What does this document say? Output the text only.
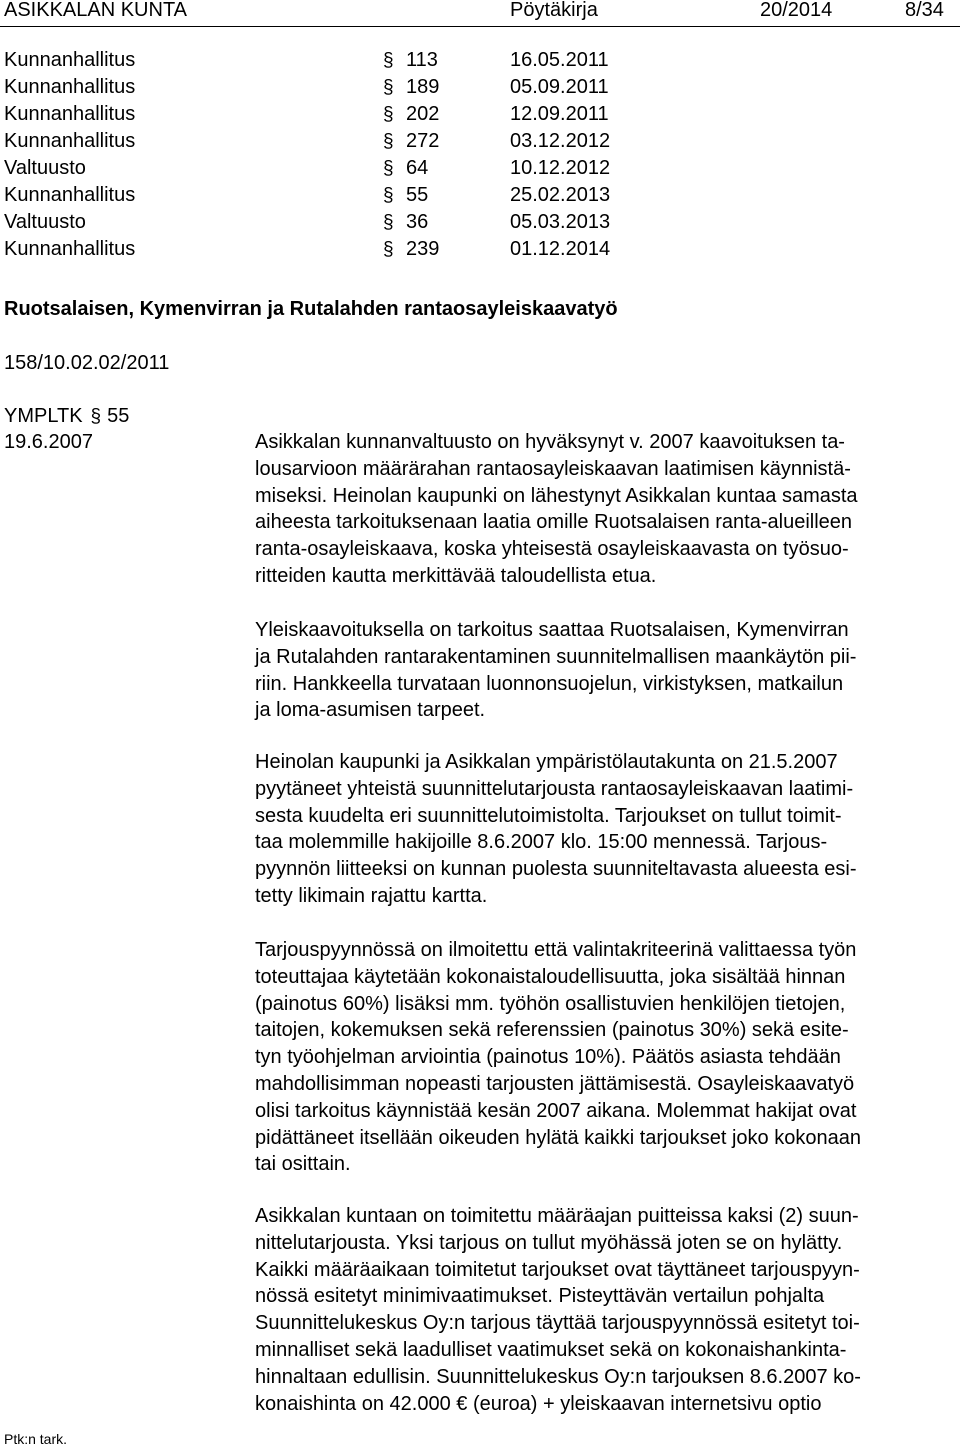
ASIKKALAN KUNTA	Pöytäkirja	20/2014	8/34
Kunnanhallitus	§ 113	16.05.2011
Kunnanhallitus	§ 189	05.09.2011
Kunnanhallitus	§ 202	12.09.2011
Kunnanhallitus	§ 272	03.12.2012
Valtuusto	§ 64	10.12.2012
Kunnanhallitus	§ 55	25.02.2013
Valtuusto	§ 36	05.03.2013
Kunnanhallitus	§ 239	01.12.2014
Ruotsalaisen, Kymenvirran ja Rutalahden rantaosayleiskaavatyö
158/10.02.02/2011
YMPLTK § 55
19.6.2007	Asikkalan kunnanvaltuusto on hyväksynyt v. 2007 kaavoituksen ta-
lousarvioon määrärahan rantaosayleiskaavan laatimisen käynnistä-
miseksi. Heinolan kaupunki on lähestynyt Asikkalan kuntaa samasta
aiheesta tarkoituksenaan laatia omille Ruotsalaisen ranta-alueilleen
ranta-osayleiskaava, koska yhteisestä osayleiskaavasta on työsuo-
ritteiden kautta merkittävää taloudellista etua.
Yleiskaavoituksella on tarkoitus saattaa Ruotsalaisen, Kymenvirran
ja Rutalahden rantarakentaminen suunnitelmallisen maankäytön pii-
riin. Hankkeella turvataan luonnonsuojelun, virkistyksen, matkailun
ja loma-asumisen tarpeet.
Heinolan kaupunki ja Asikkalan ympäristölautakunta on 21.5.2007
pyytäneet yhteistä suunnittelutarjousta rantaosayleiskaavan laatimi-
sesta kuudelta eri suunnittelutoimistolta. Tarjoukset on tullut toimit-
taa molemmille hakijoille 8.6.2007 klo. 15:00 mennessä. Tarjous-
pyynnön liitteeksi on kunnan puolesta suunniteltavasta alueesta esi-
tetty likimain rajattu kartta.
Tarjouspyynnössä on ilmoitettu että valintakriteerinä valittaessa työn
toteuttajaa käytetään kokonaistaloudellisuutta, joka sisältää hinnan
(painotus 60%) lisäksi mm. työhön osallistuvien henkilöjen tietojen,
taitojen, kokemuksen sekä referenssien (painotus 30%) sekä esite-
tyn työohjelman arviointia (painotus 10%). Päätös asiasta tehdään
mahdollisimman nopeasti tarjousten jättämisestä. Osayleiskaavatyö
olisi tarkoitus käynnistää kesän 2007 aikana. Molemmat hakijat ovat
pidättäneet itsellään oikeuden hylätä kaikki tarjoukset joko kokonaan
tai osittain.
Asikkalan kuntaan on toimitettu määräajan puitteissa kaksi (2) suun-
nittelutarjousta. Yksi tarjous on tullut myöhässä joten se on hylätty.
Kaikki määräaikaan toimitetut tarjoukset ovat täyttäneet tarjouspyyn-
nössä esitetyt minimivaatimukset. Pisteyttävän vertailun pohjalta
Suunnittelukeskus Oy:n tarjous täyttää tarjouspyynnössä esitetyt toi-
minnalliset sekä laadulliset vaatimukset sekä on kokonaishankinta-
hinnaltaan edullisin. Suunnittelukeskus Oy:n tarjouksen 8.6.2007 ko-
konaishinta on 42.000 € (euroa) + yleiskaavan internetsivu optio
Ptk:n tark.
